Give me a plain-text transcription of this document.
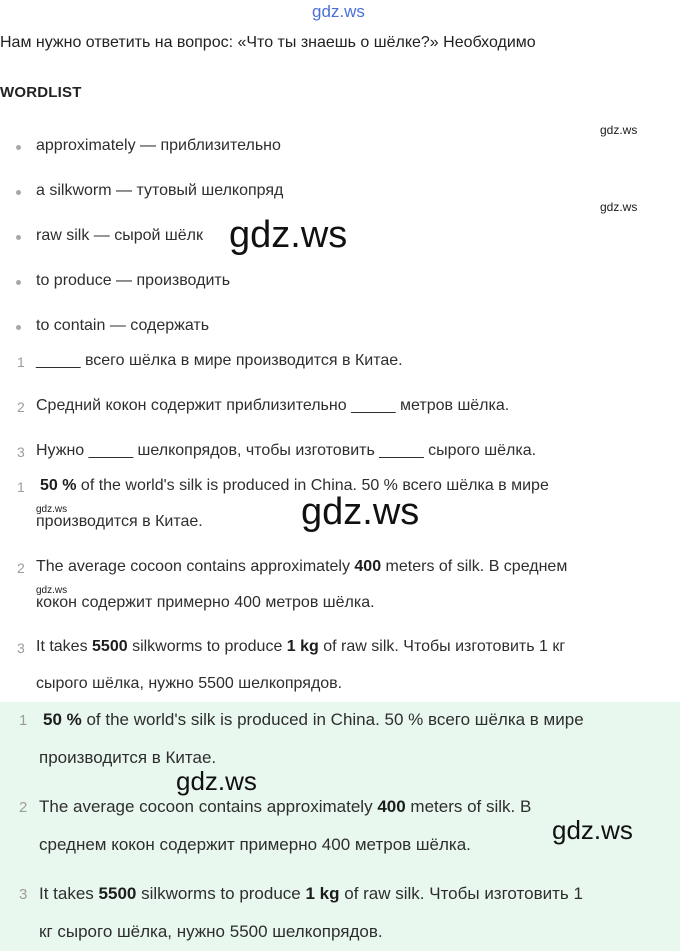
gdz.ws
Нам нужно ответить на вопрос: «Что ты знаешь о шёлке?» Необходимо
WORDLIST
approximately — приблизительно
a silkworm — тутовый шелкопряд
raw silk — сырой шёлк
to produce — производить
to contain — содержать
1 _____ всего шёлка в мире производится в Китае.
2 Средний кокон содержит приблизительно _____ метров шёлка.
3 Нужно _____ шелкопрядов, чтобы изготовить _____ сырого шёлка.
1 50 % of the world's silk is produced in China. 50 % всего шёлка в мире
производится в Китае.
2 The average cocoon contains approximately 400 meters of silk. В среднем
кокон содержит примерно 400 метров шёлка.
3 It takes 5500 silkworms to produce 1 kg of raw silk. Чтобы изготовить 1 кг
сырого шёлка, нужно 5500 шелкопрядов.
1 50 % of the world's silk is produced in China. 50 % всего шёлка в мире
производится в Китае.
2 The average cocoon contains approximately 400 meters of silk. В
среднем кокон содержит примерно 400 метров шёлка.
3 It takes 5500 silkworms to produce 1 kg of raw silk. Чтобы изготовить 1
кг сырого шёлка, нужно 5500 шелкопрядов.
gdz.ws
gdz.ws
gdz.ws
gdz.ws	gdz.ws
gdz.ws
gdz.ws
gdz.ws
